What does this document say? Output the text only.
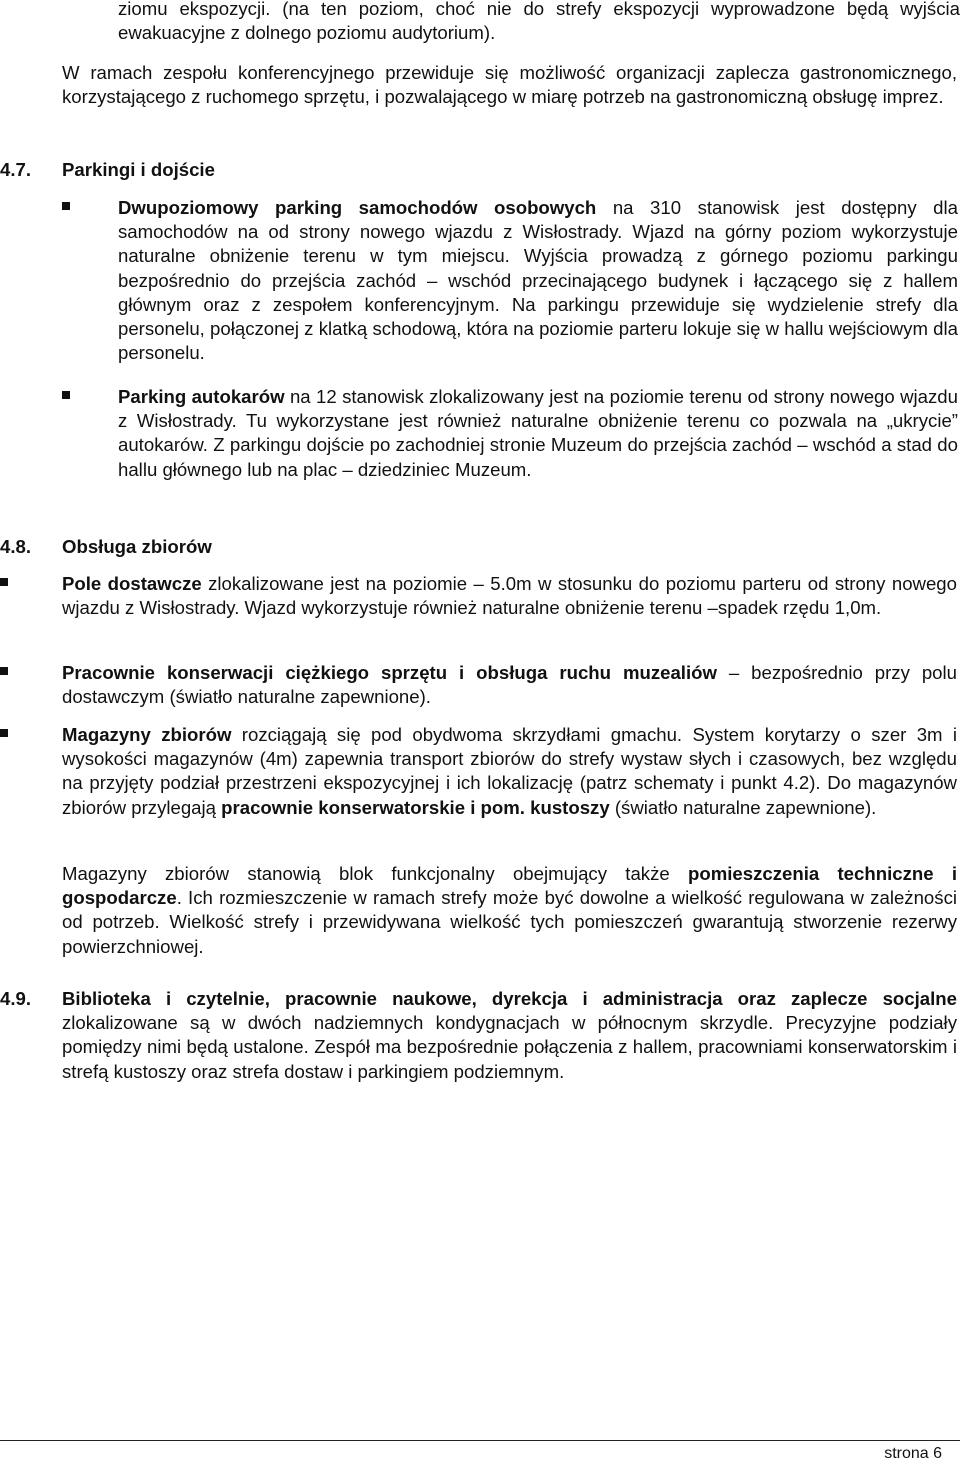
ziomu ekspozycji. (na ten poziom, choć nie do strefy ekspozycji wyprowadzone będą wyjścia ewakuacyjne z dolnego poziomu audytorium).
W ramach zespołu konferencyjnego przewiduje się możliwość organizacji zaplecza gastronomicznego, korzystającego z ruchomego sprzętu, i pozwalającego w miarę potrzeb na gastronomiczną obsługę imprez.
4.7. Parkingi i dojście
Dwupoziomowy parking samochodów osobowych na 310 stanowisk jest dostępny dla samochodów na od strony nowego wjazdu z Wisłostrady. Wjazd na górny poziom wykorzystuje naturalne obniżenie terenu w tym miejscu. Wyjścia prowadzą z górnego poziomu parkingu bezpośrednio do przejścia zachód – wschód przecinającego budynek i łączącego się z hallem głównym oraz z zespołem konferencyjnym. Na parkingu przewiduje się wydzielenie strefy dla personelu, połączonej z klatką schodową, która na poziomie parteru lokuje się w hallu wejściowym dla personelu.
Parking autokarów na 12 stanowisk zlokalizowany jest na poziomie terenu od strony nowego wjazdu z Wisłostrady. Tu wykorzystane jest również naturalne obniżenie terenu co pozwala na „ukrycie” autokarów. Z parkingu dojście po zachodniej stronie Muzeum do przejścia zachód – wschód a stad do hallu głównego lub na plac – dziedziniec Muzeum.
4.8. Obsługa zbiorów
Pole dostawcze zlokalizowane jest na poziomie – 5.0m w stosunku do poziomu parteru od strony nowego wjazdu z Wisłostrady. Wjazd wykorzystuje również naturalne obniżenie terenu –spadek rzędu 1,0m.
Pracownie konserwacji ciężkiego sprzętu i obsługa ruchu muzealiów – bezpośrednio przy polu dostawczym (światło naturalne zapewnione).
Magazyny zbiorów rozciągają się pod obydwoma skrzydłami gmachu. System korytarzy o szer 3m i wysokości magazynów (4m) zapewnia transport zbiorów do strefy wystaw słych i czasowych, bez względu na przyjęty podział przestrzeni ekspozycyjnej i ich lokalizację (patrz schematy i punkt 4.2). Do magazynów zbiorów przylegają pracownie konserwatorskie i pom. kustoszy (światło naturalne zapewnione).
Magazyny zbiorów stanowią blok funkcjonalny obejmujący także pomieszczenia techniczne i gospodarcze. Ich rozmieszczenie w ramach strefy może być dowolne a wielkość regulowana w zależności od potrzeb. Wielkość strefy i przewidywana wielkość tych pomieszczeń gwarantują stworzenie rezerwy powierzchniowej.
4.9. Biblioteka i czytelnie, pracownie naukowe, dyrekcja i administracja oraz zaplecze socjalne zlokalizowane są w dwóch nadziemnych kondygnacjach w północnym skrzydle. Precyzyjne podziały pomiędzy nimi będą ustalone. Zespół ma bezpośrednie połączenia z hallem, pracowniami konserwatorskim i strefą kustoszy oraz strefa dostaw i parkingiem podziemnym.
strona 6
